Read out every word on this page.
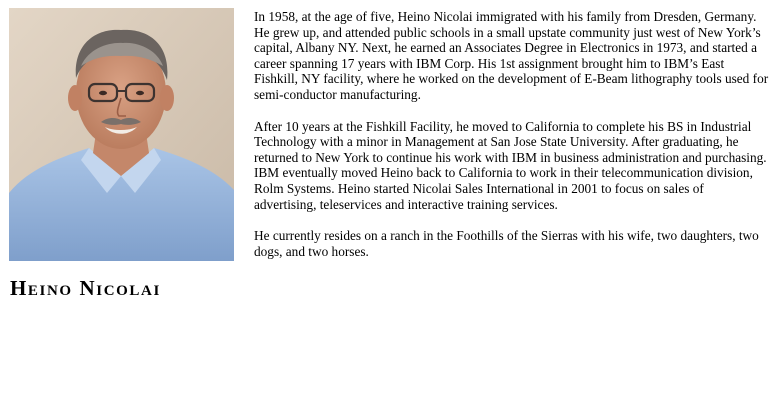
Heino Nicolai

In 1958, at the age of five, Heino Nicolai immigrated with his family from Dresden, Germany. He grew up, and attended public schools in a small upstate community just west of New York’s capital, Albany NY. Next, he earned an Associates Degree in Electronics in 1973, and started a career spanning 17 years with IBM Corp. His 1st assignment brought him to IBM’s East Fishkill, NY facility, where he worked on the development of E-Beam lithography tools used for semi-conductor manufacturing.

After 10 years at the Fishkill Facility, he moved to California to complete his BS in Industrial Technology with a minor in Management at San Jose State University. After graduating, he returned to New York to continue his work with IBM in business administration and purchasing. IBM eventually moved Heino back to California to work in their telecommunication division, Rolm Systems. Heino started Nicolai Sales International in 2001 to focus on sales of advertising, teleservices and interactive training services.

He currently resides on a ranch in the Foothills of the Sierras with his wife, two daughters, two dogs, and two horses.
